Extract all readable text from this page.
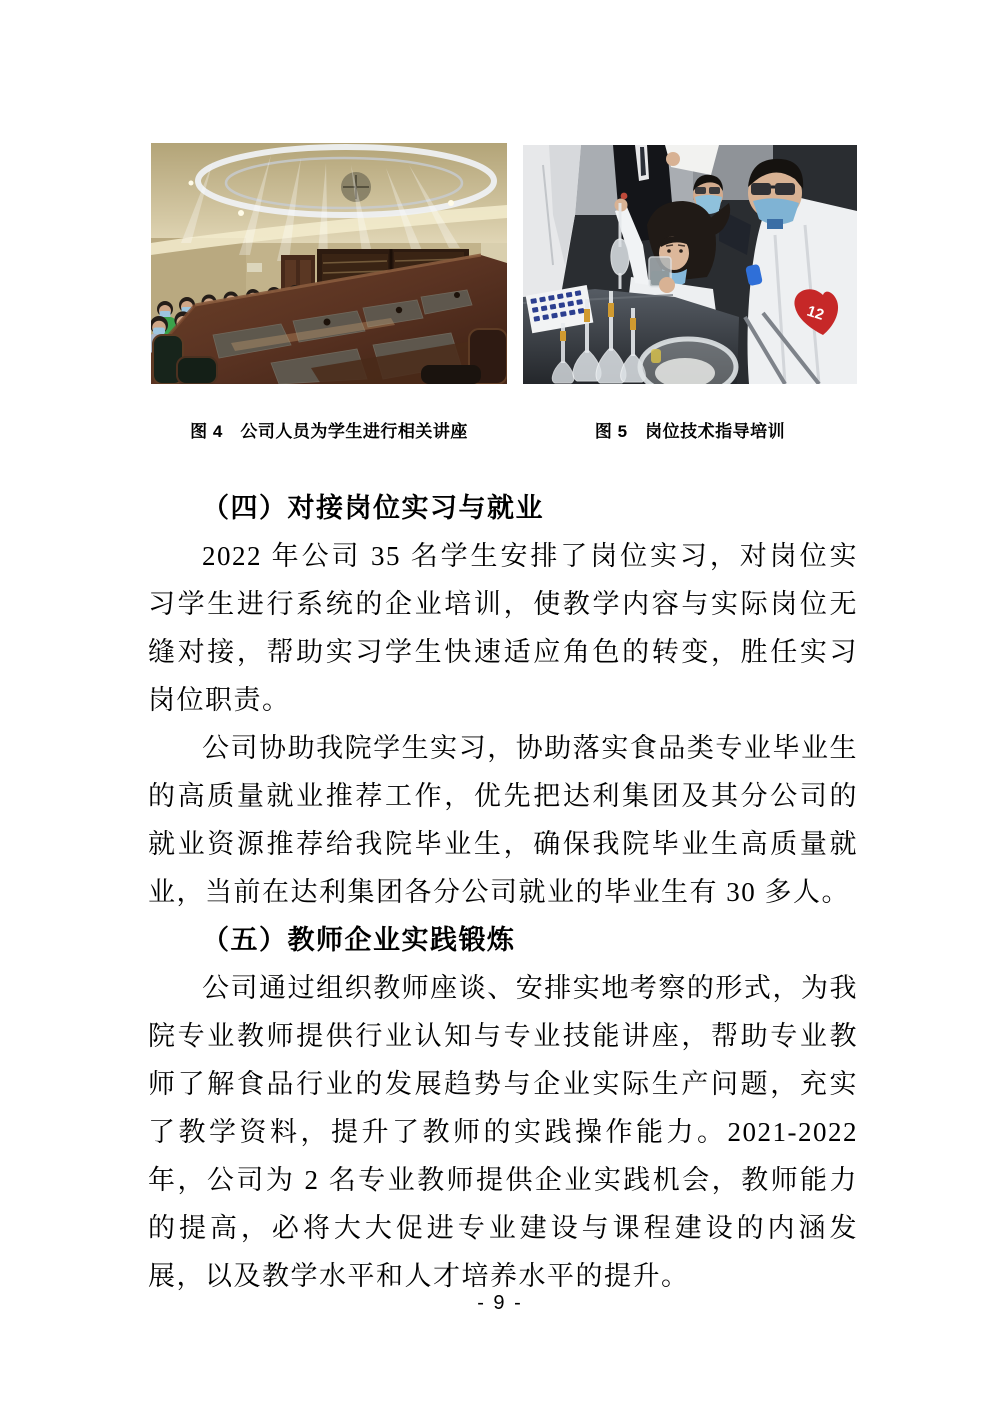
12
图 4　公司人员为学生进行相关讲座	图 5　岗位技术指导培训
（四）对接岗位实习与就业

2022 年公司 35 名学生安排了岗位实习，对岗位实习学生进行系统的企业培训，使教学内容与实际岗位无缝对接，帮助实习学生快速适应角色的转变，胜任实习岗位职责。

公司协助我院学生实习，协助落实食品类专业毕业生的高质量就业推荐工作，优先把达利集团及其分公司的就业资源推荐给我院毕业生，确保我院毕业生高质量就业，当前在达利集团各分公司就业的毕业生有 30 多人。

（五）教师企业实践锻炼

公司通过组织教师座谈、安排实地考察的形式，为我院专业教师提供行业认知与专业技能讲座，帮助专业教师了解食品行业的发展趋势与企业实际生产问题，充实了教学资料，提升了教师的实践操作能力。2021-2022 年，公司为 2 名专业教师提供企业实践机会，教师能力的提高，必将大大促进专业建设与课程建设的内涵发展，以及教学水平和人才培养水平的提升。

- 9 -
